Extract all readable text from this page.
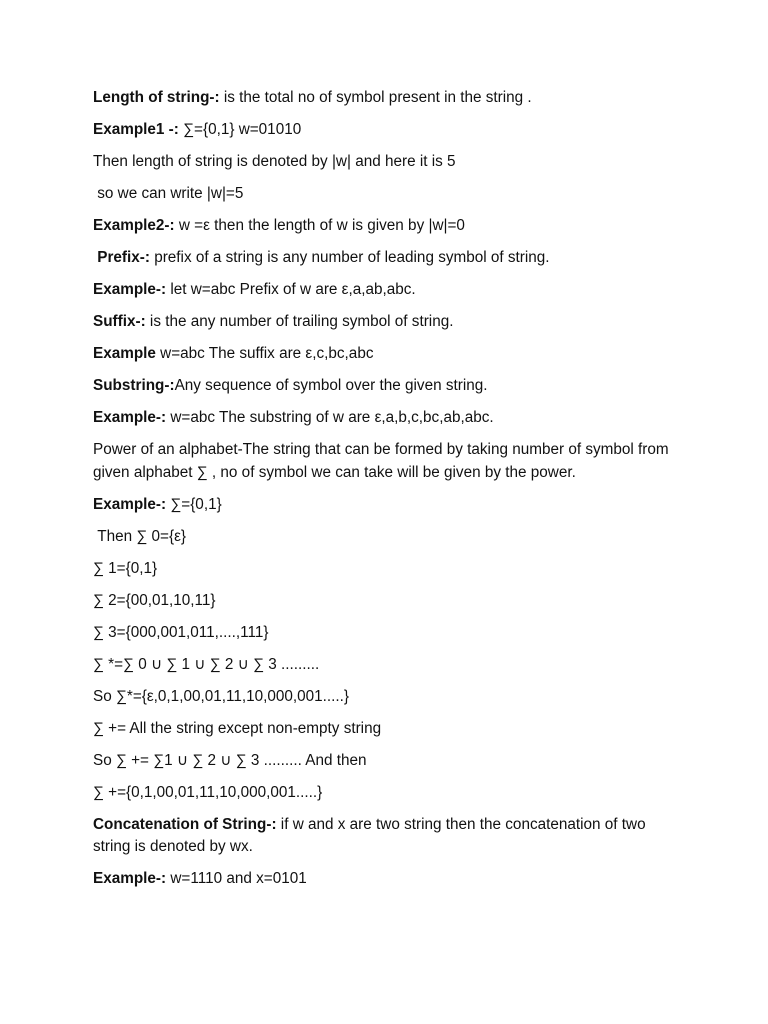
Length of string-: is the total no of symbol present in the string .

Example1 -: ∑={0,1} w=01010

Then length of string is denoted by |w| and here it is 5

so we can write |w|=5

Example2-: w =ε then the length of w is given by |w|=0

Prefix-: prefix of a string is any number of leading symbol of string.

Example-: let w=abc Prefix of w are ε,a,ab,abc.

Suffix-: is the any number of trailing symbol of string.

Example w=abc The suffix are ε,c,bc,abc

Substring-:Any sequence of symbol over the given string.

Example-: w=abc The substring of w are ε,a,b,c,bc,ab,abc.

Power of an alphabet-The string that can be formed by taking number of symbol from given alphabet ∑ , no of symbol we can take will be given by the power.

Example-: ∑={0,1}

Then ∑ 0={ε}

∑ 1={0,1}

∑ 2={00,01,10,11}

∑ 3={000,001,011,....,111}

∑ *=∑ 0 ∪ ∑ 1 ∪ ∑ 2 ∪ ∑ 3 .........

So ∑*={ε,0,1,00,01,11,10,000,001.....}

∑ += All the string except non-empty string

So ∑ += ∑1 ∪ ∑ 2 ∪ ∑ 3 ......... And then

∑ +={0,1,00,01,11,10,000,001.....}

Concatenation of String-: if w and x are two string then the concatenation of two string is denoted by wx.

Example-: w=1110 and x=0101
